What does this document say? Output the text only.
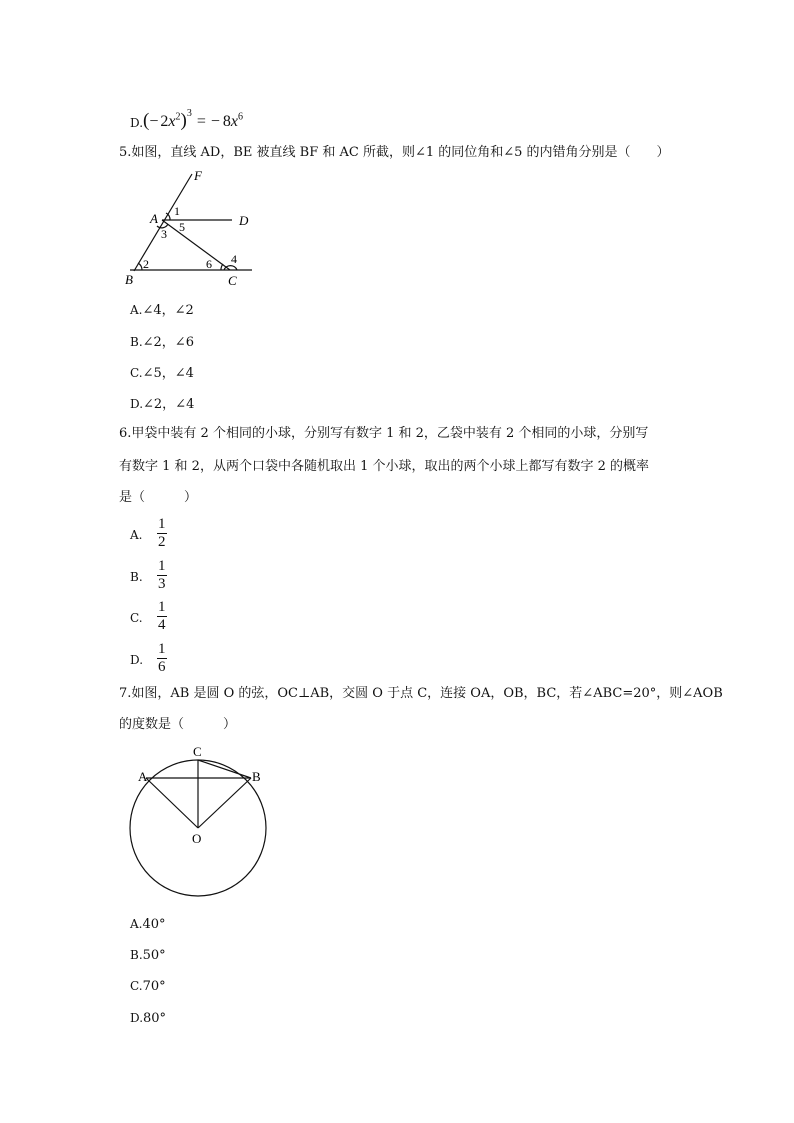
$D.(- 2x^2)^3$ = − $8x^6$
5.如图，直线 AD，BE 被直线 BF 和 AC 所截，则∠1 的同位角和∠5 的内错角分别是（　　）
F
A	D
B	C
1
5
3
2	6 4
A.∠4，∠2
B.∠2，∠6
C.∠5，∠4
D.∠2，∠4
6.甲袋中装有 2 个相同的小球，分别写有数字 1 和 2，乙袋中装有 2 个相同的小球，分别写
有数字 1 和 2，从两个口袋中各随机取出 1 个小球，取出的两个小球上都写有数字 2 的概率
是（　　　）
A. $\frac{1}{2}$
B. $\frac{1}{3}$
C. $\frac{1}{4}$
D. $\frac{1}{6}$
7.如图，AB 是圆 O 的弦，OC⊥AB，交圆 O 于点 C，连接 OA，OB，BC，若∠ABC=20°，则∠AOB
的度数是（　　　）
C
A	B
O
A.40°
B.50°
C.70°
D.80°
